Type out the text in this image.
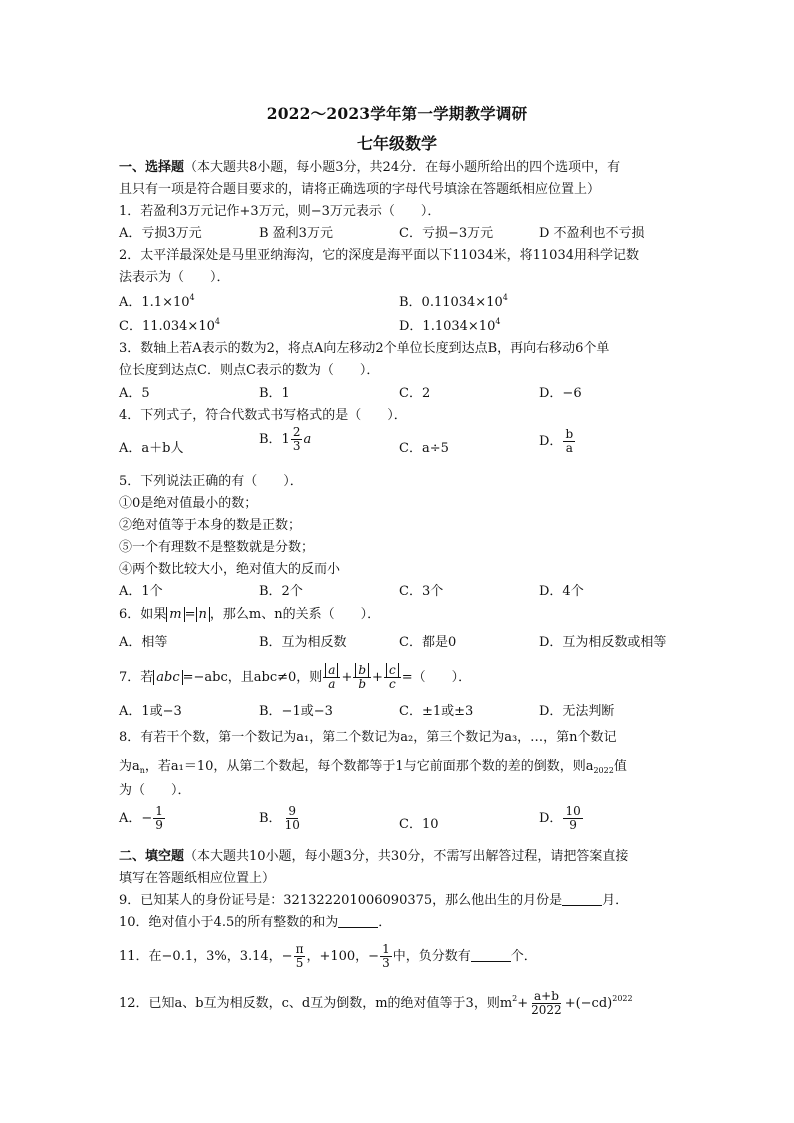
2022～2023学年第一学期教学调研
七年级数学
一、选择题（本大题共8小题，每小题3分，共24分．在每小题所给出的四个选项中，有
且只有一项是符合题目要求的，请将正确选项的字母代号填涂在答题纸相应位置上）
1．若盈利3万元记作+3万元，则−3万元表示（　　）．
A．亏损3万元	B 盈利3万元	C．亏损−3万元	D 不盈利也不亏损
2．太平洋最深处是马里亚纳海沟，它的深度是海平面以下11034米，将11034用科学记数
法表示为（　　）．
A．$1.1\times 10^4$	B．$0.11034\times 10^4$
C．$11.034\times 10^4$	D．$1.1034\times 10^4$
3．数轴上若A表示的数为2，将点A向左移动2个单位长度到达点B，再向右移动6个单
位长度到达点C．则点C表示的数为（　　）．
A．5	B．1	C．2	D．−6
4．下列式子，符合代数式书写格式的是（　　）．
A．a＋b人
B．$1 \frac{2}{3}$ a
C．a÷5	D． $\frac{b}{a}$
5．下列说法正确的有（　　）．
①0是绝对值最小的数；
②绝对值等于本身的数是正数；
⑤一个有理数不是整数就是分数；
④两个数比较大小，绝对值大的反而小
A．1个	B．2个	C．3个	D．4个
6．如果 m = n ，那么m、n的关系（　　）．
A．相等	B．互为相反数	C．都是0	D．互为相反数或相等
7．若 abc =−abc，且abc≠0，则 $\frac{a}{a} + \frac{b}{b} + \frac{c}{c}$ =（　　）．
A．1或−3	B．−1或−3	C．±1或±3	D．无法判断
8．有若干个数，第一个数记为a₁，第二个数记为a₂，第三个数记为a₃，…，第n个数记
为$a_n$，若a₁＝10，从第二个数起，每个数都等于1与它前面那个数的差的倒数，则$a_{2022}$值
为（　　）．
A．− $\frac{1}{9}$	B． $\frac{9}{10}$	C．10	D． $\frac{10}{9}$
二、填空题（本大题共10小题，每小题3分，共30分，不需写出解答过程，请把答案直接
填写在答题纸相应位置上）
9．已知某人的身份证号是：321322201006090375，那么他出生的月份是	月．
10．绝对值小于4.5的所有整数的和为	．
11．在−0.1，3%，3.14，− $\frac{\pi}{5}$ ，+100，− $\frac{1}{3}$ 中，负分数有	个．
12．已知a、b互为相反数，c、d互为倒数，m的绝对值等于3，则$m^2+ \frac{a+b}{2022} +(-cd)^{2022}$
